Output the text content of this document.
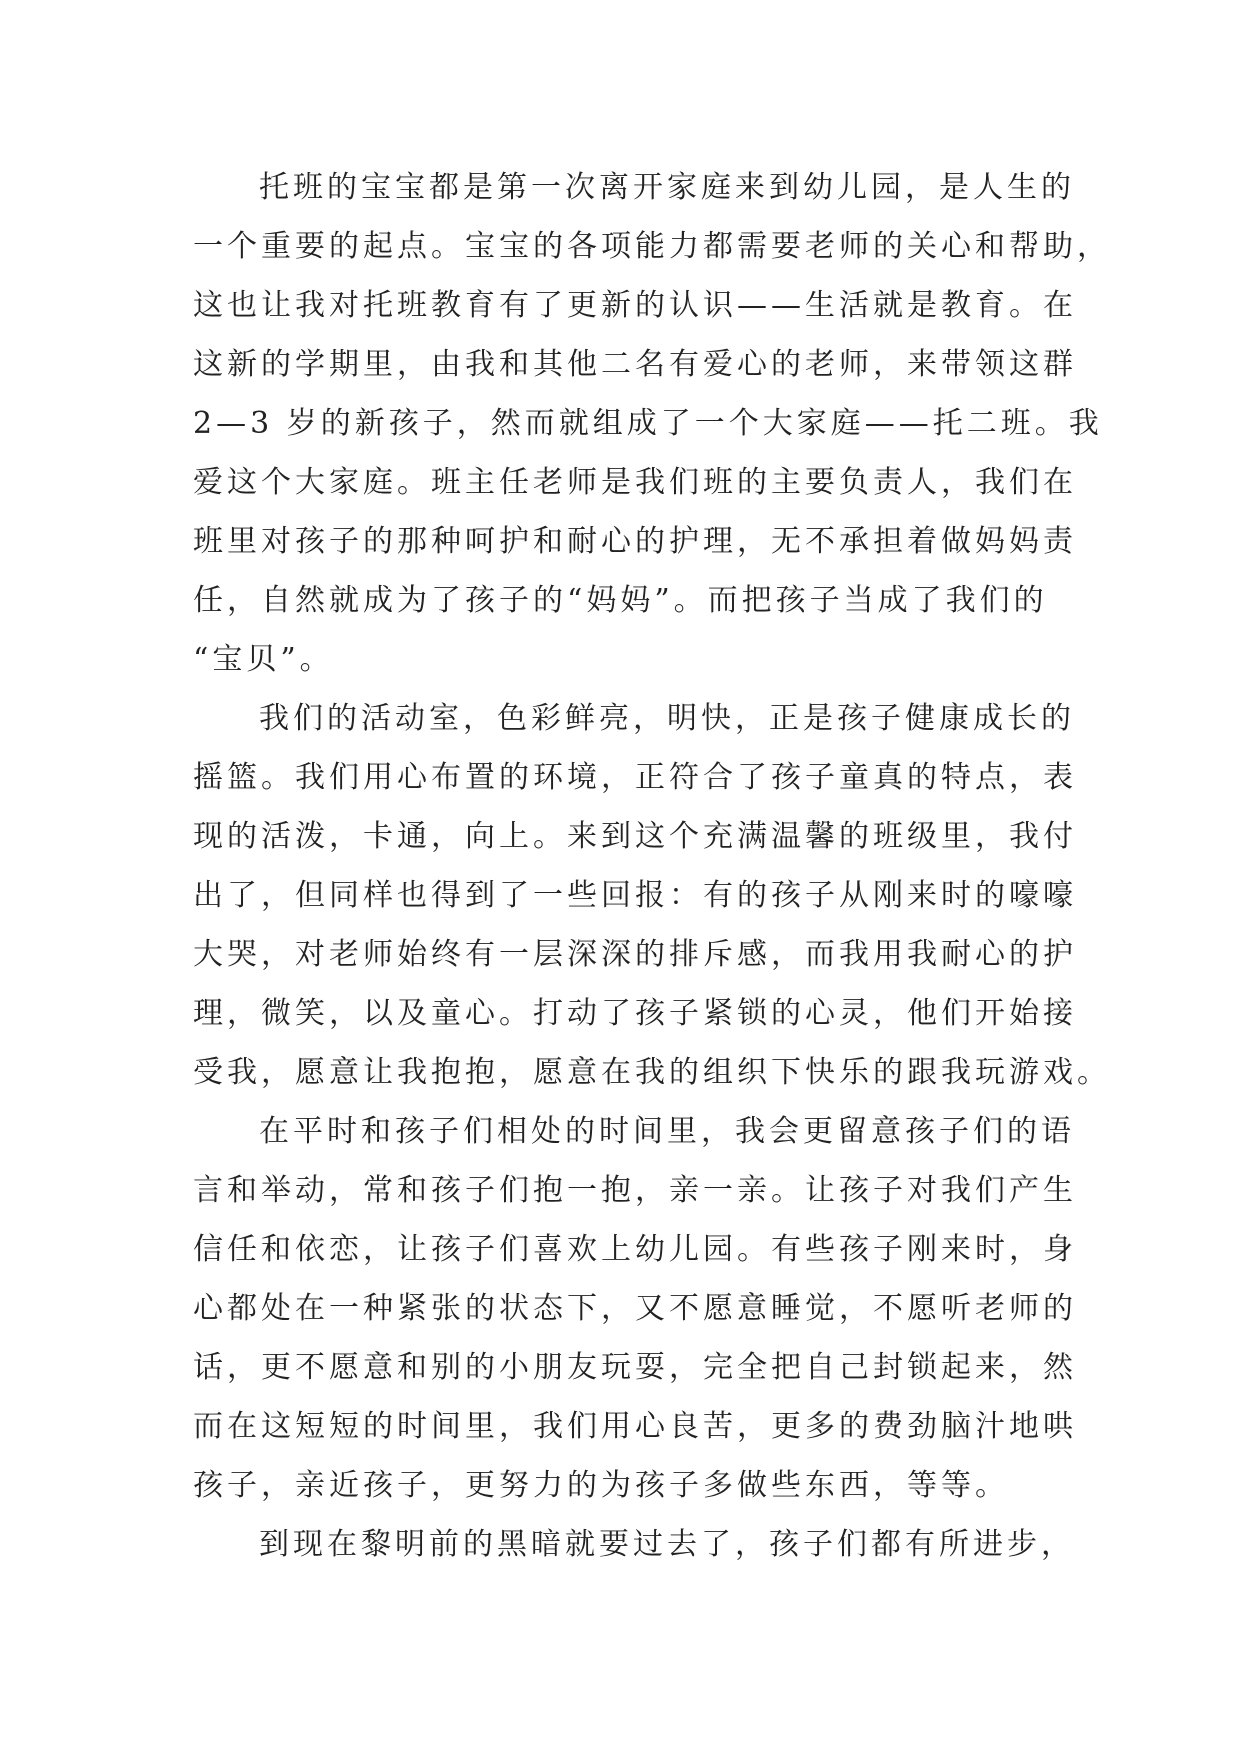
托班的宝宝都是第一次离开家庭来到幼儿园，是人生的
一个重要的起点。宝宝的各项能力都需要老师的关心和帮助，
这也让我对托班教育有了更新的认识——生活就是教育。在
这新的学期里，由我和其他二名有爱心的老师，来带领这群
2—3 岁的新孩子，然而就组成了一个大家庭——托二班。我
爱这个大家庭。班主任老师是我们班的主要负责人，我们在
班里对孩子的那种呵护和耐心的护理，无不承担着做妈妈责
任，自然就成为了孩子的“妈妈”。而把孩子当成了我们的
“宝贝”。
我们的活动室，色彩鲜亮，明快，正是孩子健康成长的
摇篮。我们用心布置的环境，正符合了孩子童真的特点，表
现的活泼，卡通，向上。来到这个充满温馨的班级里，我付
出了，但同样也得到了一些回报：有的孩子从刚来时的嚎嚎
大哭，对老师始终有一层深深的排斥感，而我用我耐心的护
理，微笑，以及童心。打动了孩子紧锁的心灵，他们开始接
受我，愿意让我抱抱，愿意在我的组织下快乐的跟我玩游戏。
在平时和孩子们相处的时间里，我会更留意孩子们的语
言和举动，常和孩子们抱一抱，亲一亲。让孩子对我们产生
信任和依恋，让孩子们喜欢上幼儿园。有些孩子刚来时，身
心都处在一种紧张的状态下，又不愿意睡觉，不愿听老师的
话，更不愿意和别的小朋友玩耍，完全把自己封锁起来，然
而在这短短的时间里，我们用心良苦，更多的费劲脑汁地哄
孩子，亲近孩子，更努力的为孩子多做些东西，等等。
到现在黎明前的黑暗就要过去了，孩子们都有所进步，
